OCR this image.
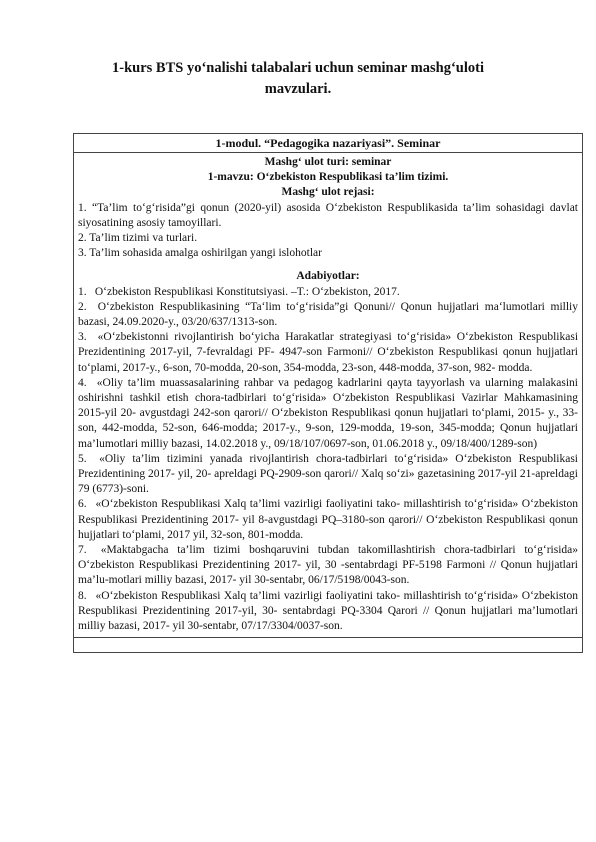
1-kurs BTS yo‘nalishi talabalari uchun seminar mashg‘uloti
mavzulari.
1-modul. “Pedagogika nazariyasi”. Seminar
Mashg‘ ulot turi: seminar
1-mavzu: O‘zbekiston Respublikasi ta’lim tizimi.
Mashg‘ ulot rejasi:
1. “Ta’lim to‘g‘risida”gi qonun (2020-yil) asosida O‘zbekiston Respublikasida ta’lim sohasidagi davlat siyosatining asosiy tamoyillari.
2. Ta’lim tizimi va turlari.
3. Ta’lim sohasida amalga oshirilgan yangi islohotlar
Adabiyotlar:
1. O‘zbekiston Respublikasi Konstitutsiyasi. –T.: O‘zbekiston, 2017.
2. O‘zbekiston Respublikasining “Ta‘lim to‘g‘risida”gi Qonuni// Qonun hujjatlari ma‘lumotlari milliy bazasi, 24.09.2020-y., 03/20/637/1313-son.
3. «O‘zbekistonni rivojlantirish bo‘yicha Harakatlar strategiyasi to‘g‘risida» O‘zbekiston Respublikasi Prezidentining 2017-yil, 7-fevraldagi PF- 4947-son Farmoni// O‘zbekiston Respublikasi qonun hujjatlari to‘plami, 2017-y., 6-son, 70-modda, 20-son, 354-modda, 23-son, 448-modda, 37-son, 982- modda.
4. «Oliy ta’lim muassasalarining rahbar va pedagog kadrlarini qayta tayyorlash va ularning malakasini oshirishni tashkil etish chora-tadbirlari to‘g‘risida» O‘zbekiston Respublikasi Vazirlar Mahkamasining 2015-yil 20- avgustdagi 242-son qarori// O‘zbekiston Respublikasi qonun hujjatlari to‘plami, 2015- y., 33-son, 442-modda, 52-son, 646-modda; 2017-y., 9-son, 129-modda, 19-son, 345-modda; Qonun hujjatlari ma’lumotlari milliy bazasi, 14.02.2018 y., 09/18/107/0697-son, 01.06.2018 y., 09/18/400/1289-son)
5. «Oliy ta’lim tizimini yanada rivojlantirish chora-tadbirlari to‘g‘risida» O‘zbekiston Respublikasi Prezidentining 2017- yil, 20- apreldagi PQ-2909-son qarori// Xalq so‘zi» gazetasining 2017-yil 21-apreldagi 79 (6773)-soni.
6. «O‘zbekiston Respublikasi Xalq ta’limi vazirligi faoliyatini tako- millashtirish to‘g‘risida» O‘zbekiston Respublikasi Prezidentining 2017- yil 8-avgustdagi PQ–3180-son qarori// O‘zbekiston Respublikasi qonun hujjatlari to‘plami, 2017 yil, 32-son, 801-modda.
7. «Maktabgacha ta’lim tizimi boshqaruvini tubdan takomillashtirish chora-tadbirlari to‘g‘risida» O‘zbekiston Respublikasi Prezidentining 2017- yil, 30 -sentabrdagi PF-5198 Farmoni // Qonun hujjatlari ma’lu-motlari milliy bazasi, 2017- yil 30-sentabr, 06/17/5198/0043-son.
8. «O‘zbekiston Respublikasi Xalq ta’limi vazirligi faoliyatini tako- millashtirish to‘g‘risida» O‘zbekiston Respublikasi Prezidentining 2017-yil, 30- sentabrdagi PQ-3304 Qarori // Qonun hujjatlari ma’lumotlari milliy bazasi, 2017- yil 30-sentabr, 07/17/3304/0037-son.
